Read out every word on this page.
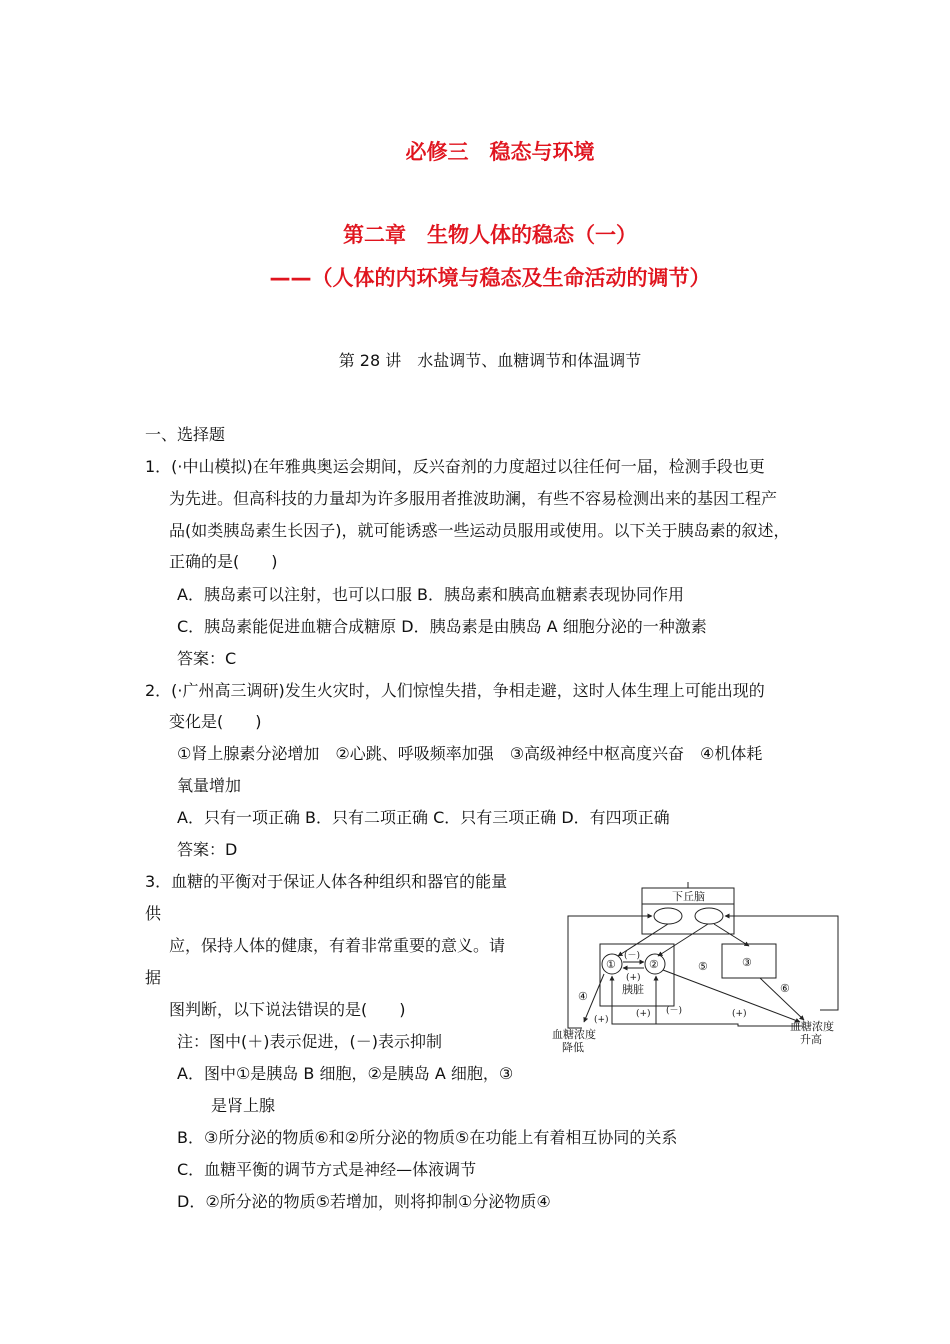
必修三　稳态与环境
第二章　生物人体的稳态（一）
——（人体的内环境与稳态及生命活动的调节）
第 28 讲　水盐调节、血糖调节和体温调节
一、选择题
1．(·中山模拟)在年雅典奥运会期间，反兴奋剂的力度超过以往任何一届，检测手段也更
为先进。但高科技的力量却为许多服用者推波助澜，有些不容易检测出来的基因工程产
品(如类胰岛素生长因子)，就可能诱惑一些运动员服用或使用。以下关于胰岛素的叙述，
正确的是(　　)
A．胰岛素可以注射，也可以口服 B．胰岛素和胰高血糖素表现协同作用
C．胰岛素能促进血糖合成糖原 D．胰岛素是由胰岛 A 细胞分泌的一种激素
答案：C
2．(·广州高三调研)发生火灾时，人们惊惶失措，争相走避，这时人体生理上可能出现的
变化是(　　)
①肾上腺素分泌增加　②心跳、呼吸频率加强　③高级神经中枢高度兴奋　④机体耗
氧量增加
A．只有一项正确 B．只有二项正确 C．只有三项正确 D．有四项正确
答案：D
3．血糖的平衡对于保证人体各种组织和器官的能量
供
应，保持人体的健康，有着非常重要的意义。请
据
图判断，以下说法错误的是(　　)
注：图中(＋)表示促进，(－)表示抑制
A．图中①是胰岛 B 细胞，②是胰岛 A 细胞，③
是肾上腺
B．③所分泌的物质⑥和②所分泌的物质⑤在功能上有着相互协同的关系
C．血糖平衡的调节方式是神经—体液调节
D．②所分泌的物质⑤若增加，则将抑制①分泌物质④
下丘脑
胰脏
①	②	③
④
⑤
⑥
(－)
(+)
(+)
(+) (－)	(+)
血糖浓度
降低
血糖浓度
升高
